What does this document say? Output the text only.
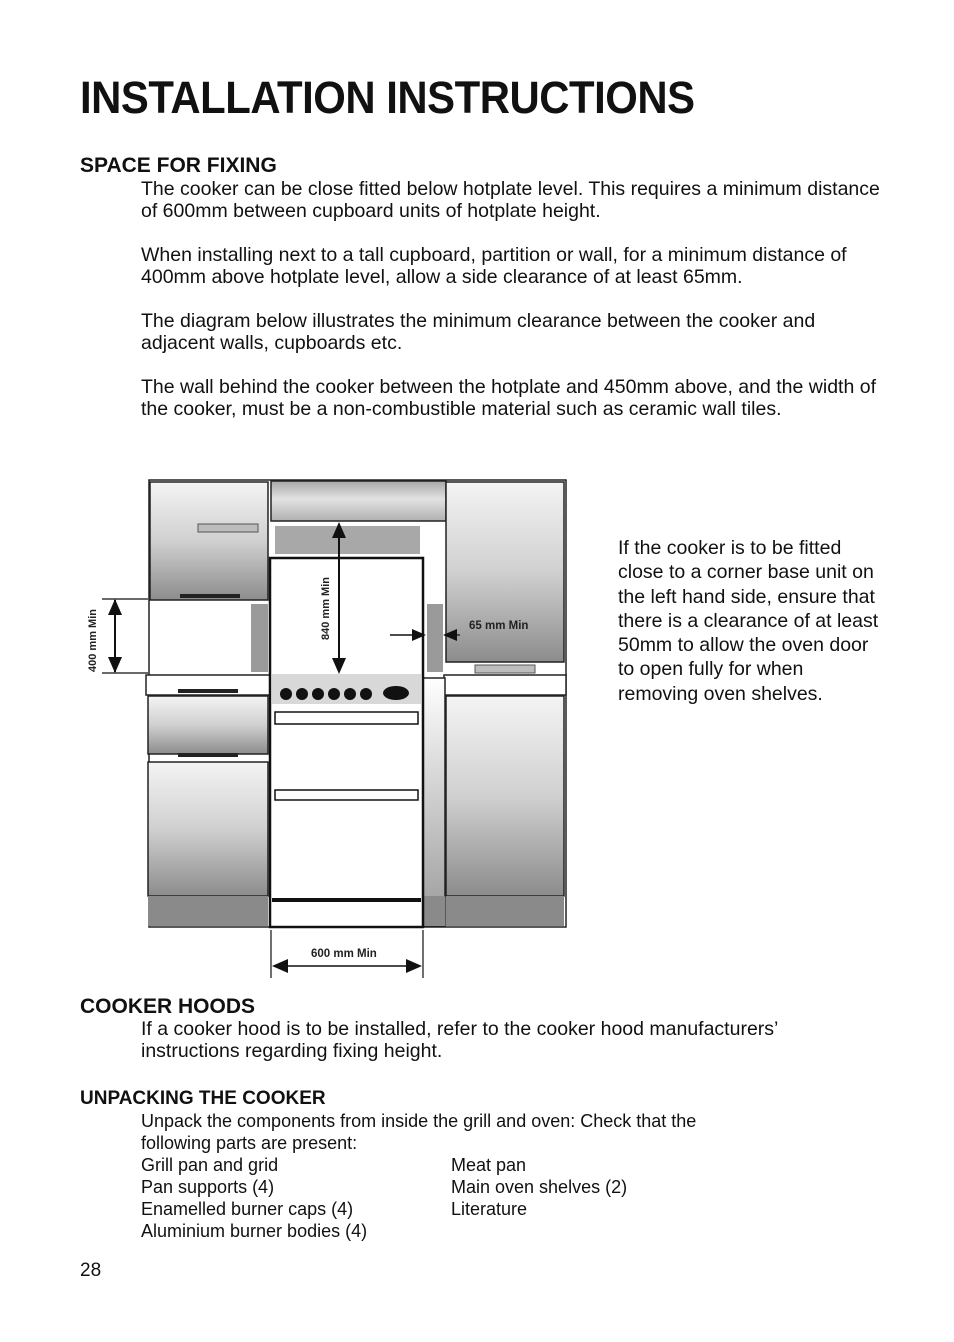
INSTALLATION INSTRUCTIONS
SPACE FOR FIXING

The cooker can be close fitted below hotplate level. This requires a minimum distance of 600mm between cupboard units of hotplate height.

When installing next to a tall cupboard, partition or wall, for a minimum distance of 400mm above hotplate level, allow a side clearance of at least 65mm.

The diagram below illustrates the minimum clearance between the cooker and adjacent walls, cupboards etc.

The wall behind the cooker between the hotplate and 450mm above, and the width of the cooker, must be a non-combustible material such as ceramic wall tiles.

840 mm Min
400 mm Min	65 mm Min
600 mm Min
If the cooker is to be fitted close to a corner base unit on the left hand side, ensure that there is a clearance of at least 50mm to allow the oven door to open fully for when removing oven shelves.
COOKER HOODS
If a cooker hood is to be installed, refer to the cooker hood manufacturers’ instructions regarding fixing height.
UNPACKING THE COOKER
Unpack the components from inside the grill and oven: Check that the
following parts are present:
Grill pan and grid	Meat pan
Pan supports (4)	Main oven shelves (2)
Enamelled burner caps (4)	Literature
Aluminium burner bodies (4)
28
